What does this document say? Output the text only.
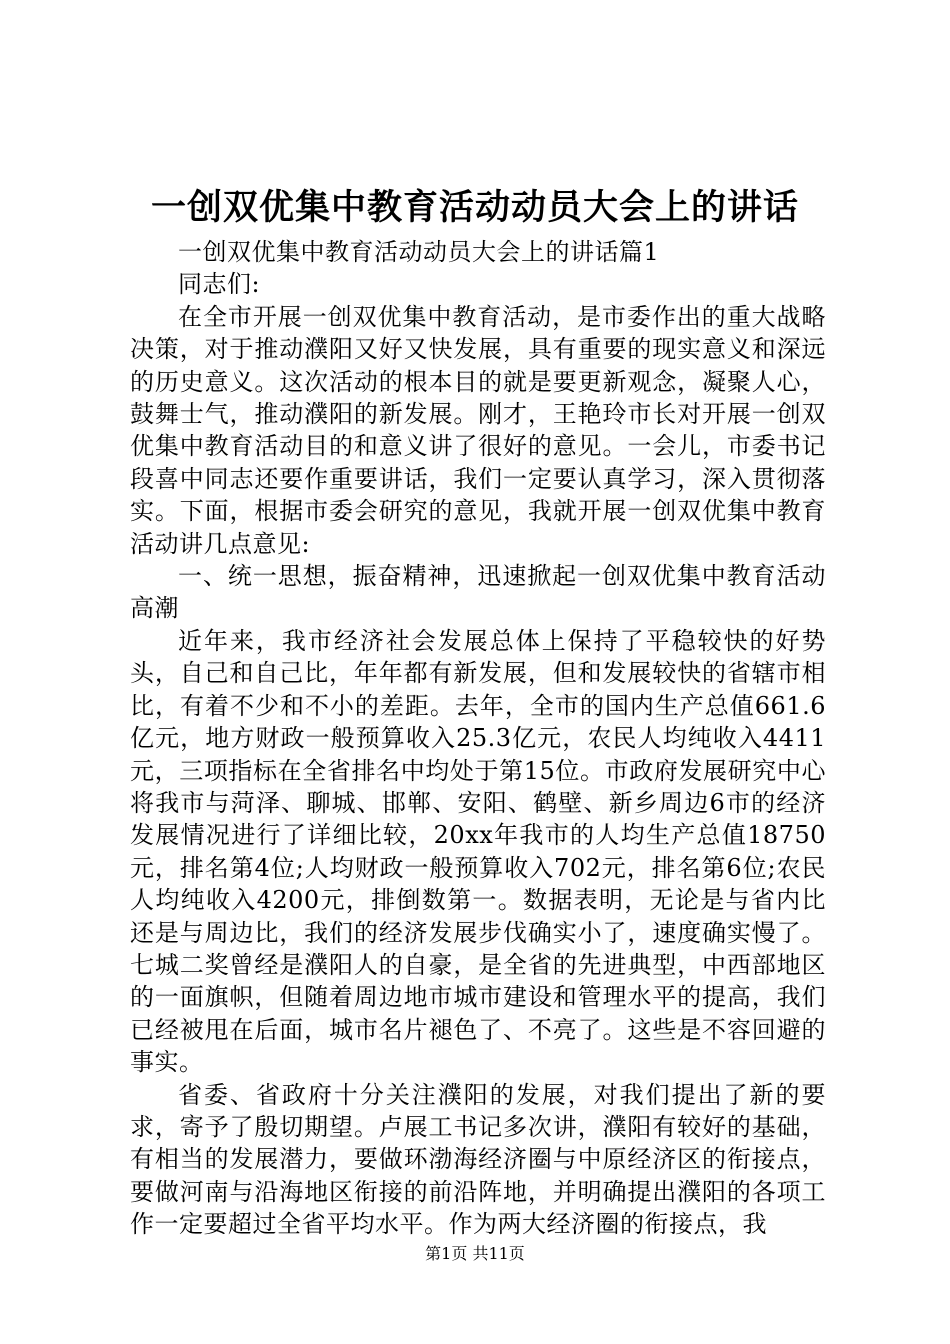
一创双优集中教育活动动员大会上的讲话

一创双优集中教育活动动员大会上的讲话篇1

同志们:

在全市开展一创双优集中教育活动，是市委作出的重大战略决策，对于推动濮阳又好又快发展，具有重要的现实意义和深远的历史意义。这次活动的根本目的就是要更新观念，凝聚人心，鼓舞士气，推动濮阳的新发展。刚才，王艳玲市长对开展一创双优集中教育活动目的和意义讲了很好的意见。一会儿，市委书记段喜中同志还要作重要讲话，我们一定要认真学习，深入贯彻落实。下面，根据市委会研究的意见，我就开展一创双优集中教育活动讲几点意见:

一、统一思想，振奋精神，迅速掀起一创双优集中教育活动高潮

近年来，我市经济社会发展总体上保持了平稳较快的好势头，自己和自己比，年年都有新发展，但和发展较快的省辖市相比，有着不少和不小的差距。去年，全市的国内生产总值661.6亿元，地方财政一般预算收入25.3亿元，农民人均纯收入4411元，三项指标在全省排名中均处于第15位。市政府发展研究中心将我市与菏泽、聊城、邯郸、安阳、鹤壁、新乡周边6市的经济发展情况进行了详细比较，20xx年我市的人均生产总值18750元，排名第4位;人均财政一般预算收入702元，排名第6位;农民人均纯收入4200元，排倒数第一。数据表明，无论是与省内比还是与周边比，我们的经济发展步伐确实小了，速度确实慢了。七城二奖曾经是濮阳人的自豪，是全省的先进典型，中西部地区的一面旗帜，但随着周边地市城市建设和管理水平的提高，我们已经被甩在后面，城市名片褪色了、不亮了。这些是不容回避的事实。

省委、省政府十分关注濮阳的发展，对我们提出了新的要求，寄予了殷切期望。卢展工书记多次讲，濮阳有较好的基础，有相当的发展潜力，要做环渤海经济圈与中原经济区的衔接点，要做河南与沿海地区衔接的前沿阵地，并明确提出濮阳的各项工作一定要超过全省平均水平。作为两大经济圈的衔接点，我

第1页 共11页
